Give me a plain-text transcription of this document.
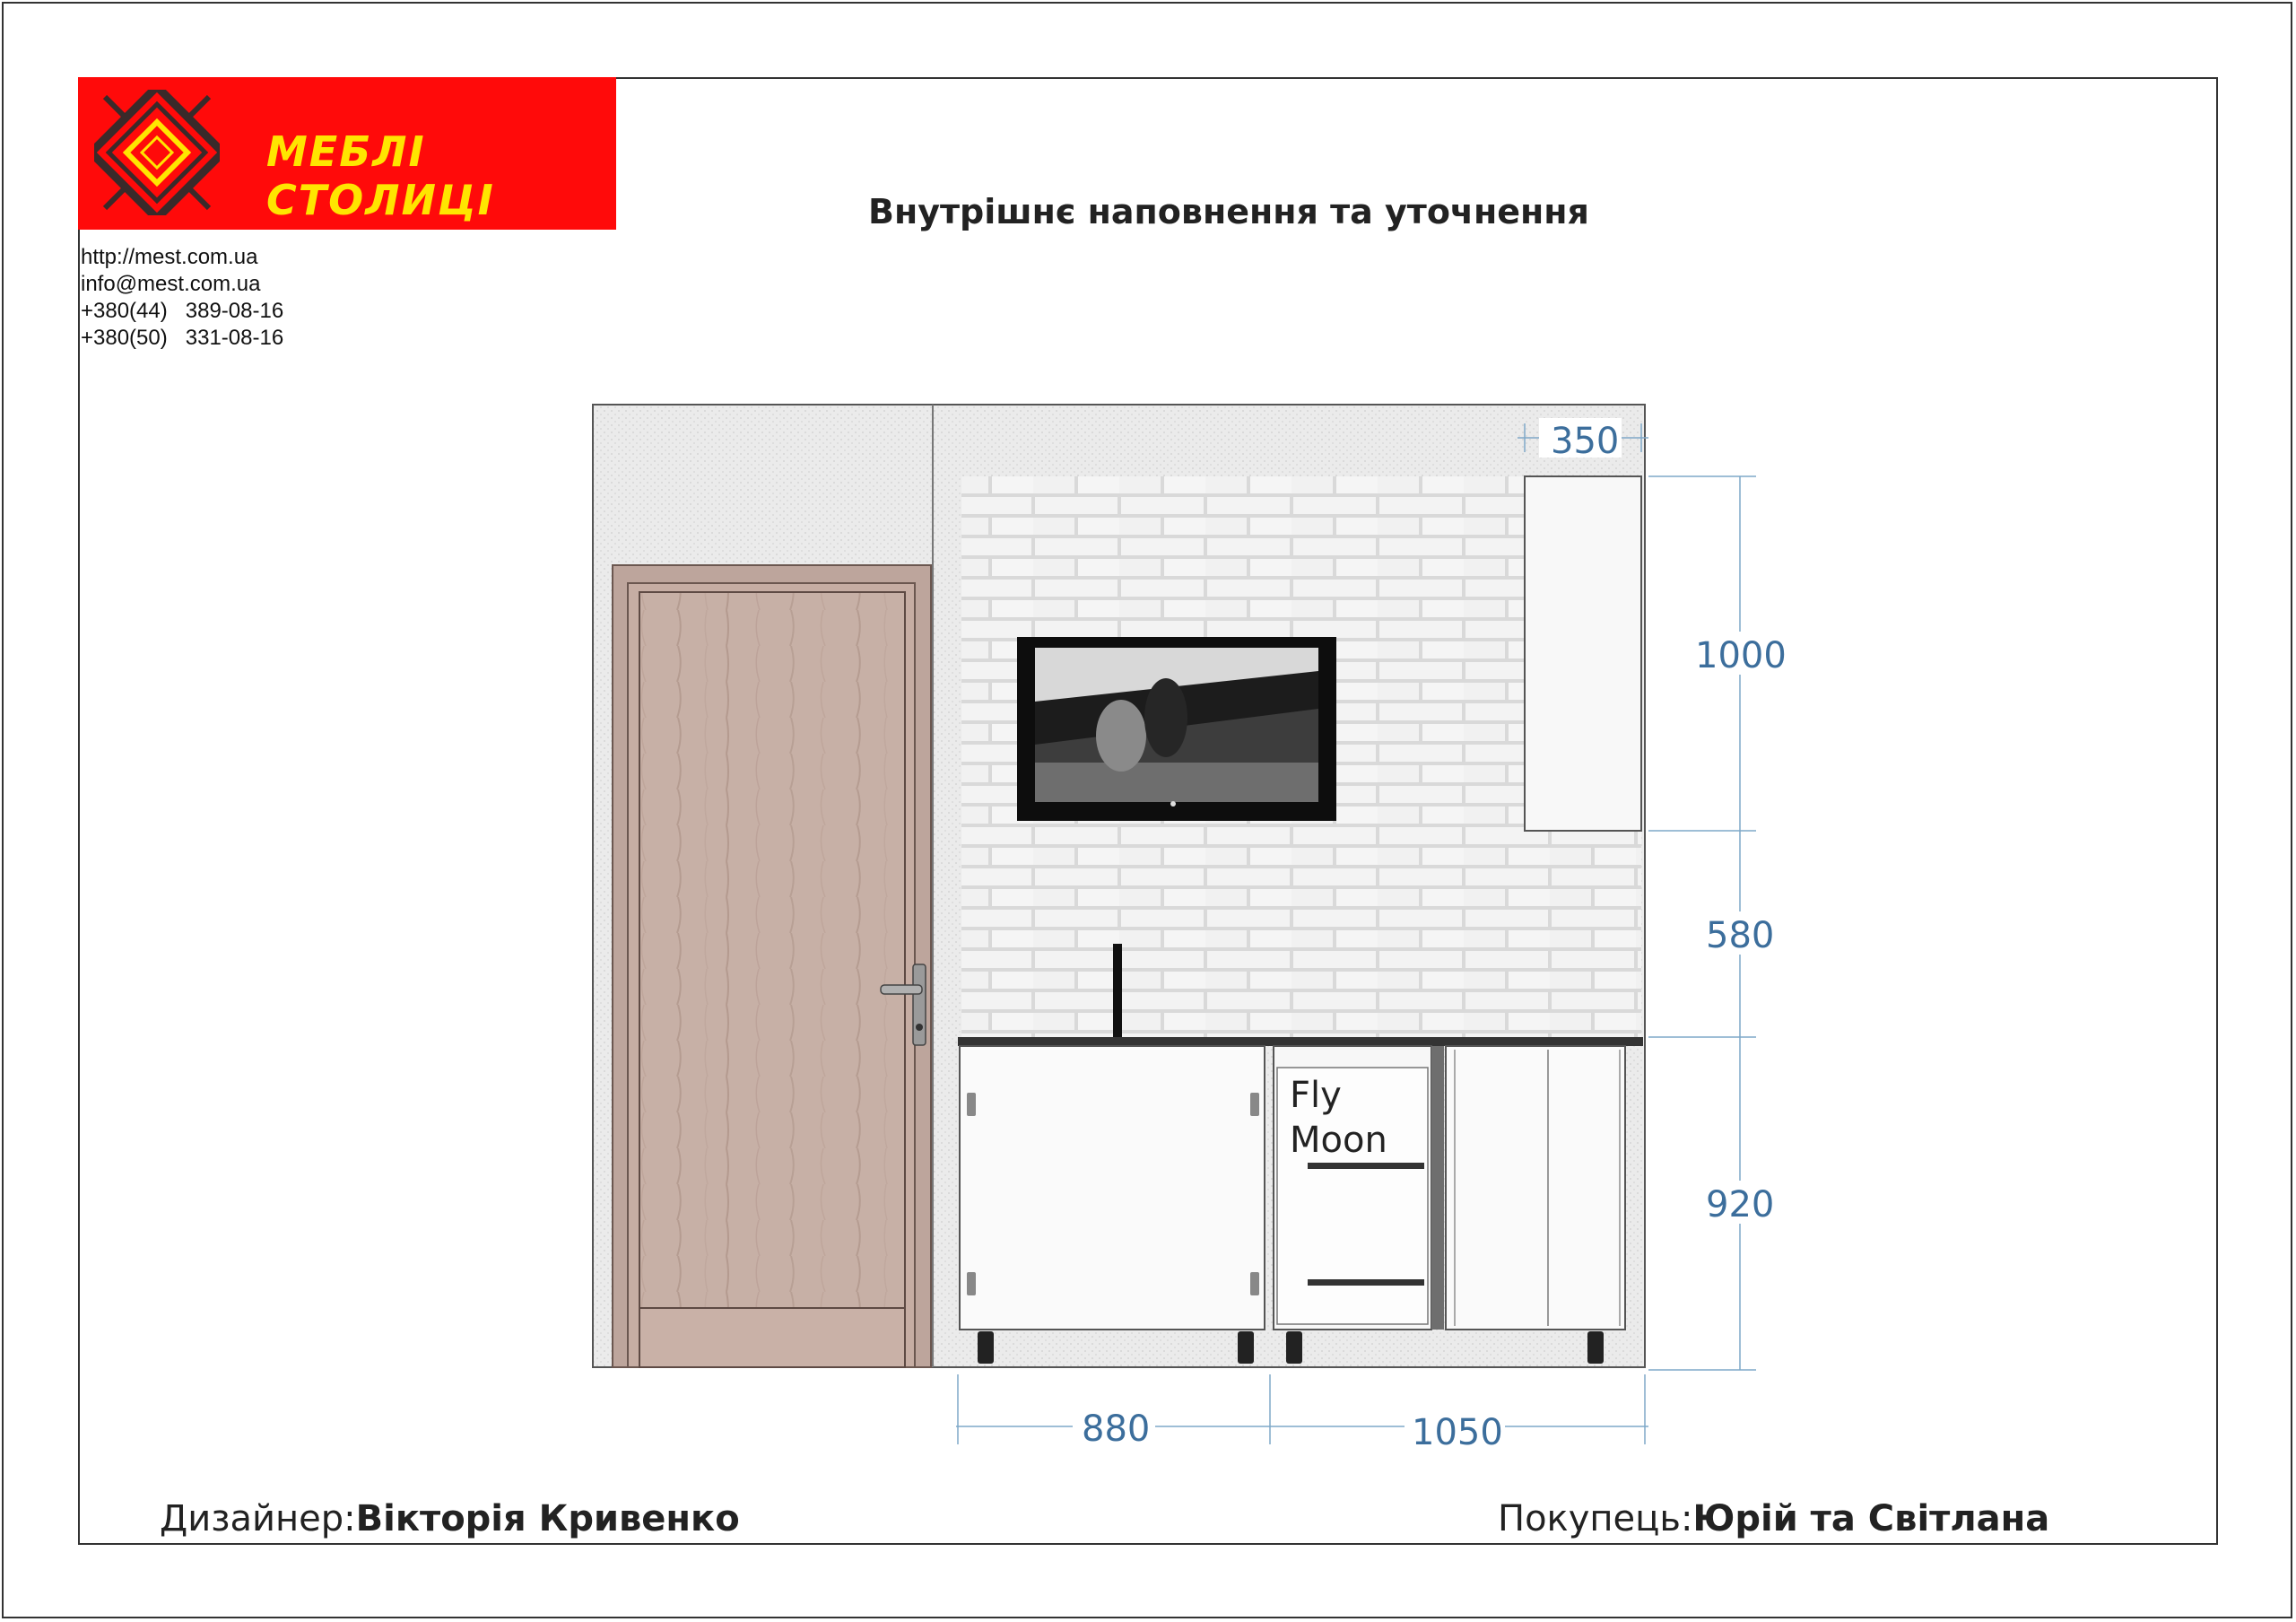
МЕБЛІ СТОЛИЦІ
http://mest.com.ua
info@mest.com.ua
+380(44)   389-08-16
+380(50)   331-08-16
Внутрішнє наповнення та уточнення
Fly
Moon
350
1000
580
920
880	1050
Дизайнер:Вікторія Кривенко	Покупець:Юрій та Світлана
